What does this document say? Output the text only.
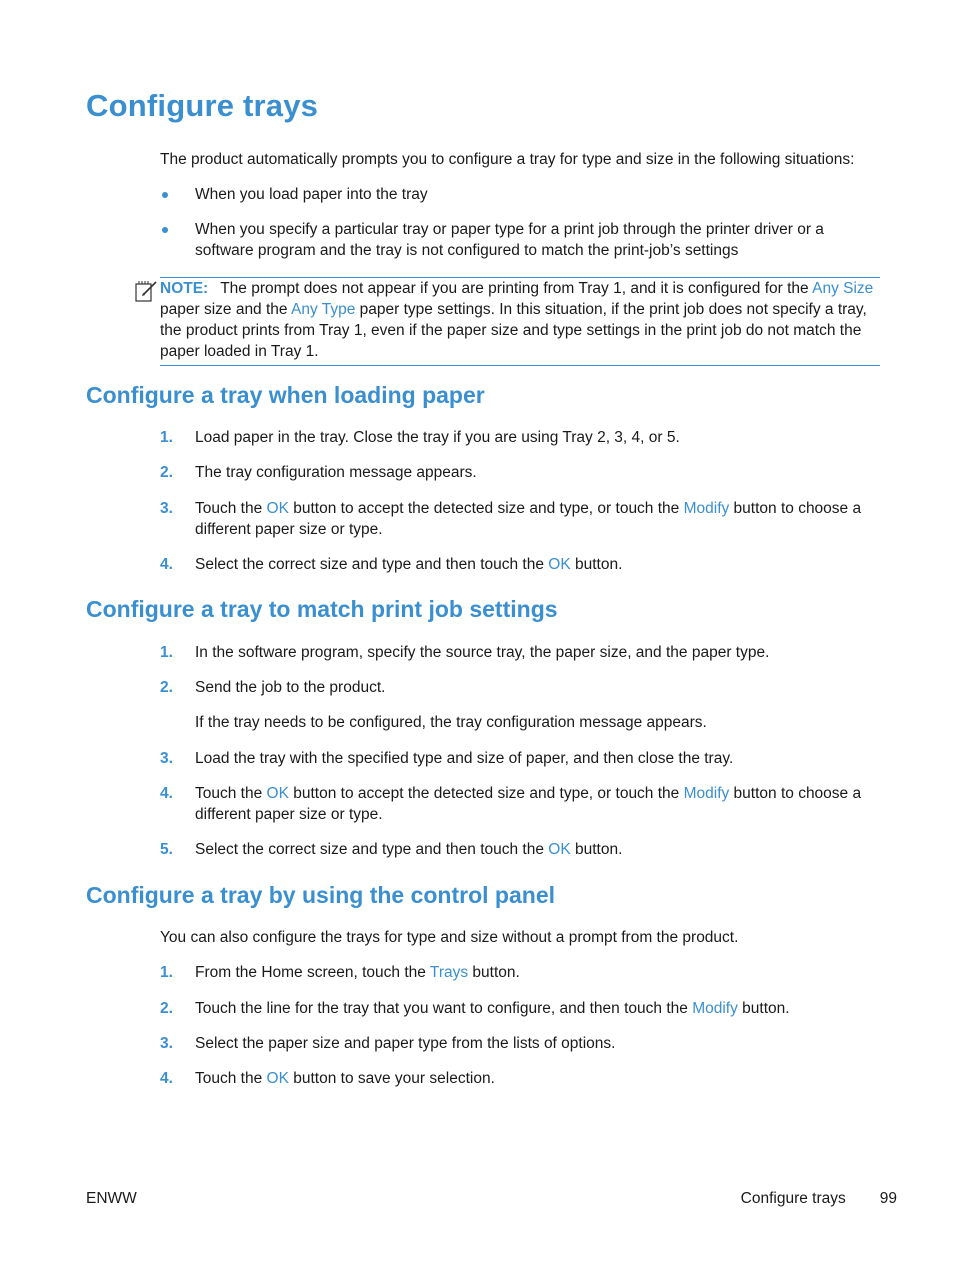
Configure trays
The product automatically prompts you to configure a tray for type and size in the following situations:
When you load paper into the tray
When you specify a particular tray or paper type for a print job through the printer driver or a software program and the tray is not configured to match the print-job’s settings
NOTE: The prompt does not appear if you are printing from Tray 1, and it is configured for the Any Size paper size and the Any Type paper type settings. In this situation, if the print job does not specify a tray, the product prints from Tray 1, even if the paper size and type settings in the print job do not match the paper loaded in Tray 1.
Configure a tray when loading paper
1. Load paper in the tray. Close the tray if you are using Tray 2, 3, 4, or 5.
2. The tray configuration message appears.
3. Touch the OK button to accept the detected size and type, or touch the Modify button to choose a different paper size or type.
4. Select the correct size and type and then touch the OK button.
Configure a tray to match print job settings
1. In the software program, specify the source tray, the paper size, and the paper type.
2. Send the job to the product.
If the tray needs to be configured, the tray configuration message appears.
3. Load the tray with the specified type and size of paper, and then close the tray.
4. Touch the OK button to accept the detected size and type, or touch the Modify button to choose a different paper size or type.
5. Select the correct size and type and then touch the OK button.
Configure a tray by using the control panel
You can also configure the trays for type and size without a prompt from the product.
1. From the Home screen, touch the Trays button.
2. Touch the line for the tray that you want to configure, and then touch the Modify button.
3. Select the paper size and paper type from the lists of options.
4. Touch the OK button to save your selection.
ENWW	Configure trays 99
